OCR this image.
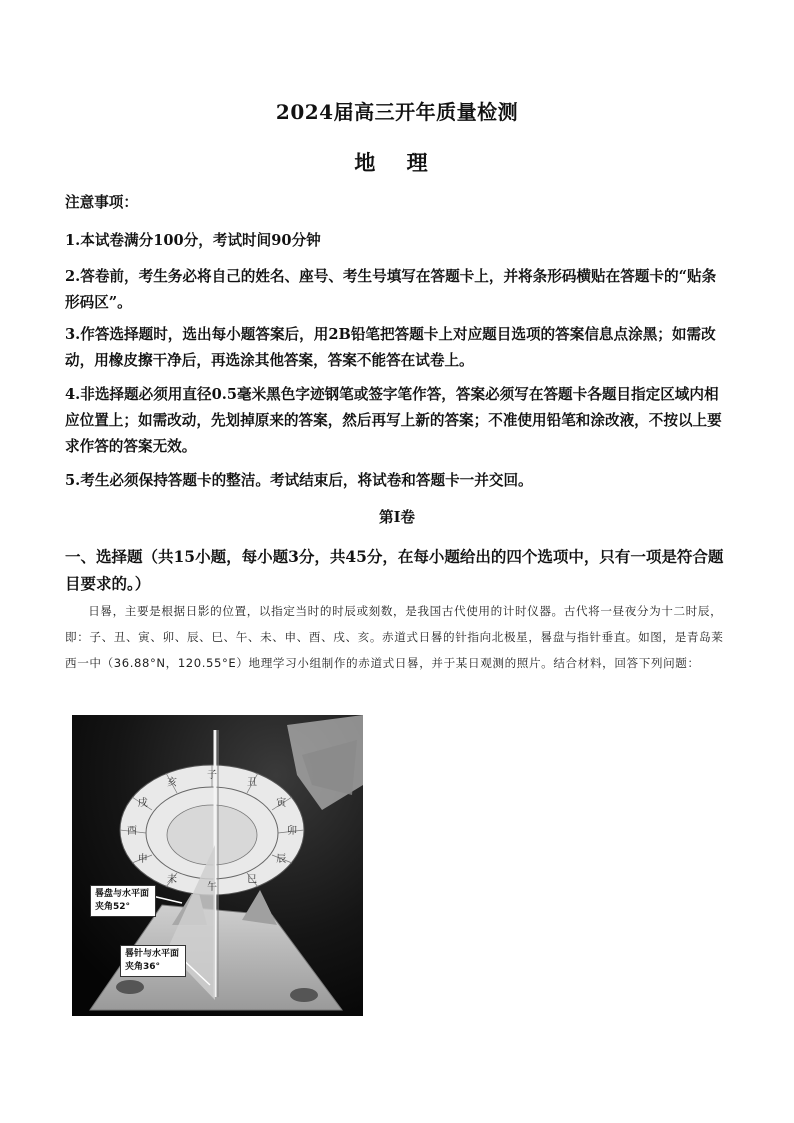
2024届高三开年质量检测
地 理
注意事项：
1.本试卷满分100分，考试时间90分钟
2.答卷前，考生务必将自己的姓名、座号、考生号填写在答题卡上，并将条形码横贴在答题卡的“贴条形码区”。
3.作答选择题时，选出每小题答案后，用2B铅笔把答题卡上对应题目选项的答案信息点涂黑；如需改动，用橡皮擦干净后，再选涂其他答案，答案不能答在试卷上。
4.非选择题必须用直径0.5毫米黑色字迹钢笔或签字笔作答，答案必须写在答题卡各题目指定区域内相应位置上；如需改动，先划掉原来的答案，然后再写上新的答案；不准使用铅笔和涂改液，不按以上要求作答的答案无效。
5.考生必须保持答题卡的整洁。考试结束后，将试卷和答题卡一并交回。
第Ⅰ卷
一、选择题（共15小题，每小题3分，共45分，在每小题给出的四个选项中，只有一项是符合题目要求的。）
日晷，主要是根据日影的位置，以指定当时的时辰或刻数，是我国古代使用的计时仪器。古代将一昼夜分为十二时辰，即：子、丑、寅、卯、辰、巳、午、未、申、酉、戌、亥。赤道式日晷的针指向北极星，晷盘与指针垂直。如图，是青岛莱西一中（36.88°N，120.55°E）地理学习小组制作的赤道式日晷，并于某日观测的照片。结合材料，回答下列问题：
子
丑
寅
卯
辰
巳
午
未
申
酉
戌
亥
晷盘与水平面夹角52°
晷针与水平面夹角36°
